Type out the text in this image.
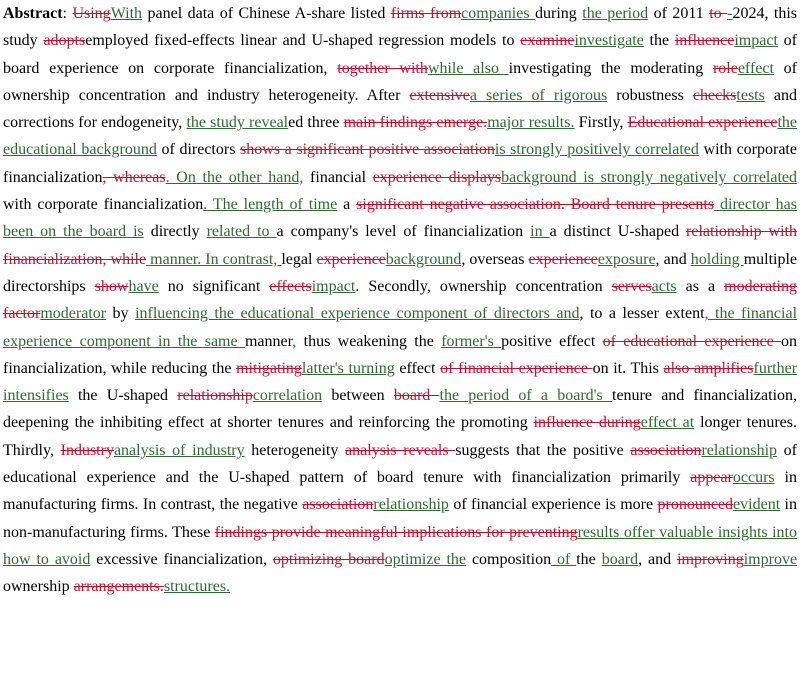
Abstract: UsingWith panel data of Chinese A-share listed firms fromcompanies during the period of 2011 to -2024, this study adoptsemployed fixed-effects linear and U-shaped regression models to examineinvestigate the influenceimpact of board experience on corporate financialization, together withwhile also investigating the moderating roleeffect of ownership concentration and industry heterogeneity. After extensivea series of rigorous robustness checkstests and corrections for endogeneity, the study revealed three main findings emerge.major results. Firstly, Educational experiencethe educational background of directors shows a significant positive associationis strongly positively correlated with corporate financialization, whereas. On the other hand, financial experience displaysbackground is strongly negatively correlated with corporate financialization. The length of time a significant negative association. Board tenure presents director has been on the board is directly related to a company's level of financialization in a distinct U-shaped relationship with financialization, while manner. In contrast, legal experiencebackground, overseas experienceexposure, and holding multiple directorships showhave no significant effectsimpact. Secondly, ownership concentration servesacts as a moderating factormoderator by influencing the educational experience component of directors and, to a lesser extent, the financial experience component in the same manner, thus weakening the former's positive effect of educational experience on financialization, while reducing the mitigatinglatter's turning effect of financial experience on it. This also amplifiesfurther intensifies the U-shaped relationshipcorrelation between board the period of a board's tenure and financialization, deepening the inhibiting effect at shorter tenures and reinforcing the promoting influence duringeffect at longer tenures. Thirdly, Industryanalysis of industry heterogeneity analysis reveals suggests that the positive associationrelationship of educational experience and the U-shaped pattern of board tenure with financialization primarily appearoccurs in manufacturing firms. In contrast, the negative associationrelationship of financial experience is more pronouncedevident in non-manufacturing firms. These findings provide meaningful implications for preventingresults offer valuable insights into how to avoid excessive financialization, optimizing boardoptimize the composition of the board, and improvingimprove ownership arrangements.structures.
